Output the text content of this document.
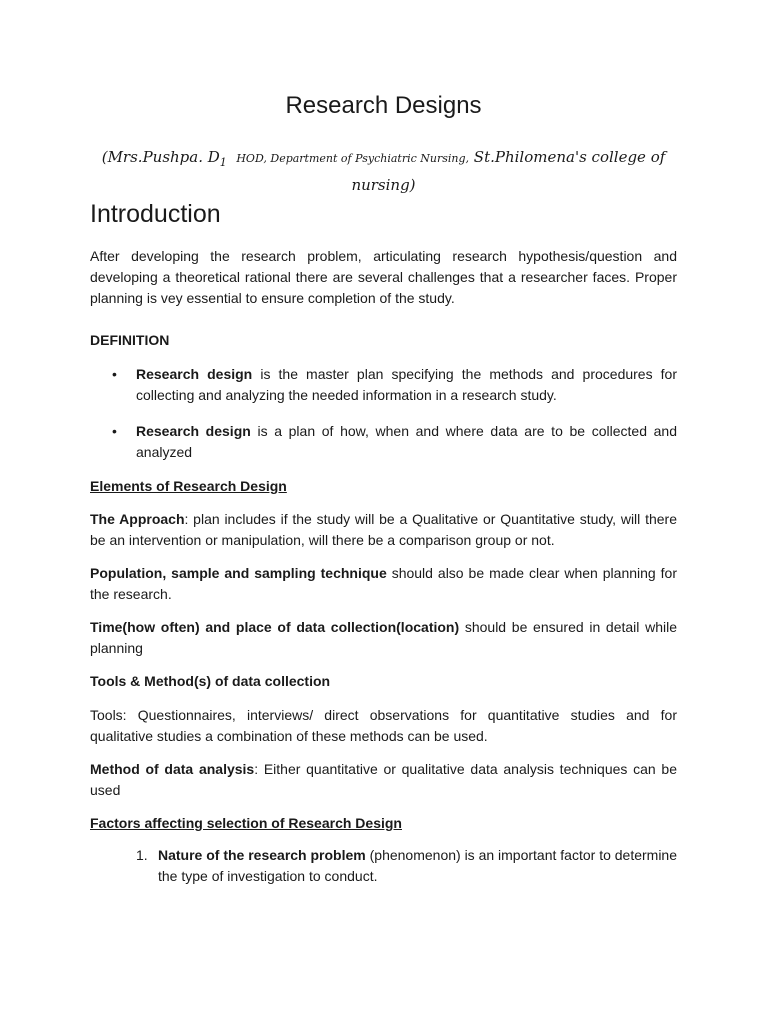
Research Designs
(Mrs.Pushpa. $D_1$ HOD, Department of Psychiatric Nursing, St.Philomena's college of nursing)
Introduction

After developing the research problem, articulating research hypothesis/question and developing a theoretical rational there are several challenges that a researcher faces. Proper planning is vey essential to ensure completion of the study.

DEFINITION

• Research design is the master plan specifying the methods and procedures for collecting and analyzing the needed information in a research study.
• Research design is a plan of how, when and where data are to be collected and analyzed

Elements of Research Design

The Approach: plan includes if the study will be a Qualitative or Quantitative study, will there be an intervention or manipulation, will there be a comparison group or not.

Population, sample and sampling technique should also be made clear when planning for the research.

Time(how often) and place of data collection(location) should be ensured in detail while planning

Tools & Method(s) of data collection

Tools: Questionnaires, interviews/ direct observations for quantitative studies and for qualitative studies a combination of these methods can be used.

Method of data analysis: Either quantitative or qualitative data analysis techniques can be used

Factors affecting selection of Research Design

1. Nature of the research problem (phenomenon) is an important factor to determine the type of investigation to conduct.
